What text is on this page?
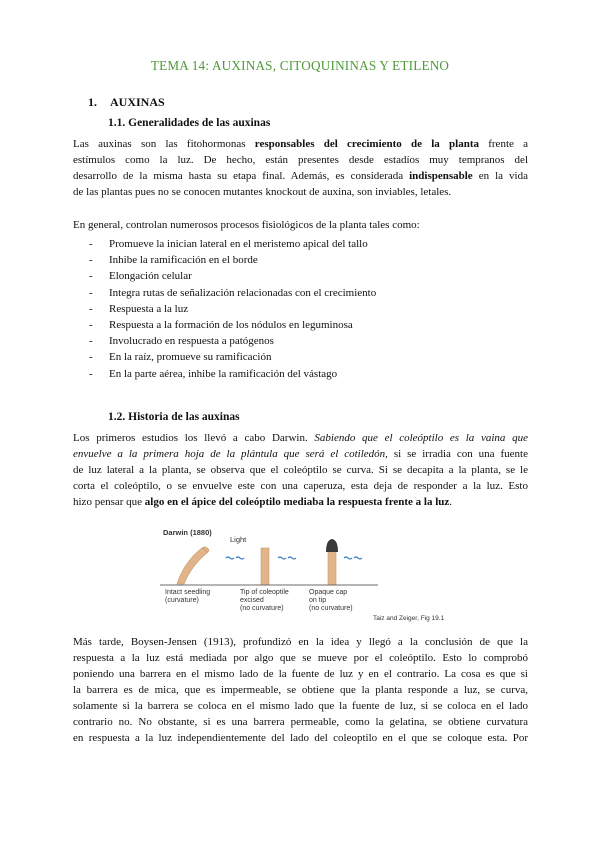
TEMA 14: AUXINAS, CITOQUININAS Y ETILENO
1. AUXINAS
1.1. Generalidades de las auxinas
Las auxinas son las fitohormonas responsables del crecimiento de la planta frente a
estímulos como la luz. De hecho, están presentes desde estadíos muy tempranos del
desarrollo de la misma hasta su etapa final. Además, es considerada indispensable en la vida
de las plantas pues no se conocen mutantes knockout de auxina, son inviables, letales.
En general, controlan numerosos procesos fisiológicos de la planta tales como:
- Promueve la inician lateral en el meristemo apical del tallo
- Inhibe la ramificación en el borde
- Elongación celular
- Integra rutas de señalización relacionadas con el crecimiento
- Respuesta a la luz
- Respuesta a la formación de los nódulos en leguminosa
- Involucrado en respuesta a patógenos
- En la raíz, promueve su ramificación
- En la parte aérea, inhibe la ramificación del vástago
1.2. Historia de las auxinas
Los primeros estudios los llevó a cabo Darwin. Sabiendo que el coleóptilo es la vaina que
envuelve a la primera hoja de la plántula que será el cotiledón, si se irradia con una fuente
de luz lateral a la planta, se observa que el coleóptilo se curva. Si se decapita a la planta, se le
corta el coleóptilo, o se envuelve este con una caperuza, esta deja de responder a la luz. Esto
hizo pensar que algo en el ápice del coleóptilo mediaba la respuesta frente a la luz.
Darwin (1880)
Light
Intact seedling
(curvature)
Tip of coleoptile
excised
(no curvature)
Opaque cap
on tip
(no curvature)
Taiz and Zeiger, Fig 19.1
Más tarde, Boysen-Jensen (1913), profundizó en la idea y llegó a la conclusión de que la
respuesta a la luz está mediada por algo que se mueve por el coleóptilo. Esto lo comprobó
poniendo una barrera en el mismo lado de la fuente de luz y en el contrario. La cosa es que si
la barrera es de mica, que es impermeable, se obtiene que la planta responde a luz, se curva,
solamente si la barrera se coloca en el mismo lado que la fuente de luz, si se coloca en el lado
contrario no. No obstante, si es una barrera permeable, como la gelatina, se obtiene curvatura
en respuesta a la luz independientemente del lado del coleoptilo en el que se coloque esta. Por
